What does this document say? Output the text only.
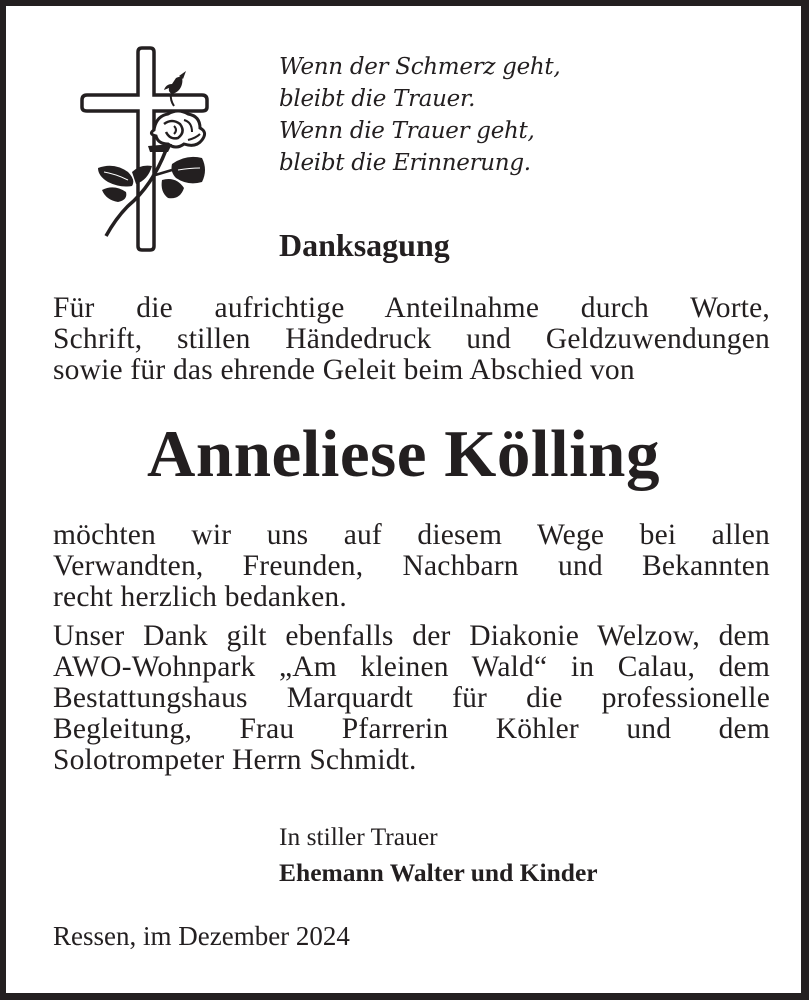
Wenn der Schmerz geht,
bleibt die Trauer.
Wenn die Trauer geht,
bleibt die Erinnerung.
Danksagung
Für die aufrichtige Anteilnahme durch Worte,
Schrift, stillen Händedruck und Geldzuwendungen
sowie für das ehrende Geleit beim Abschied von
Anneliese Kölling
möchten wir uns auf diesem Wege bei allen
Verwandten, Freunden, Nachbarn und Bekannten
recht herzlich bedanken.
Unser Dank gilt ebenfalls der Diakonie Welzow, dem
AWO-Wohnpark „Am kleinen Wald“ in Calau, dem
Bestattungshaus Marquardt für die professionelle
Begleitung, Frau Pfarrerin Köhler und dem
Solotrompeter Herrn Schmidt.
In stiller Trauer
Ehemann Walter und Kinder
Ressen, im Dezember 2024
